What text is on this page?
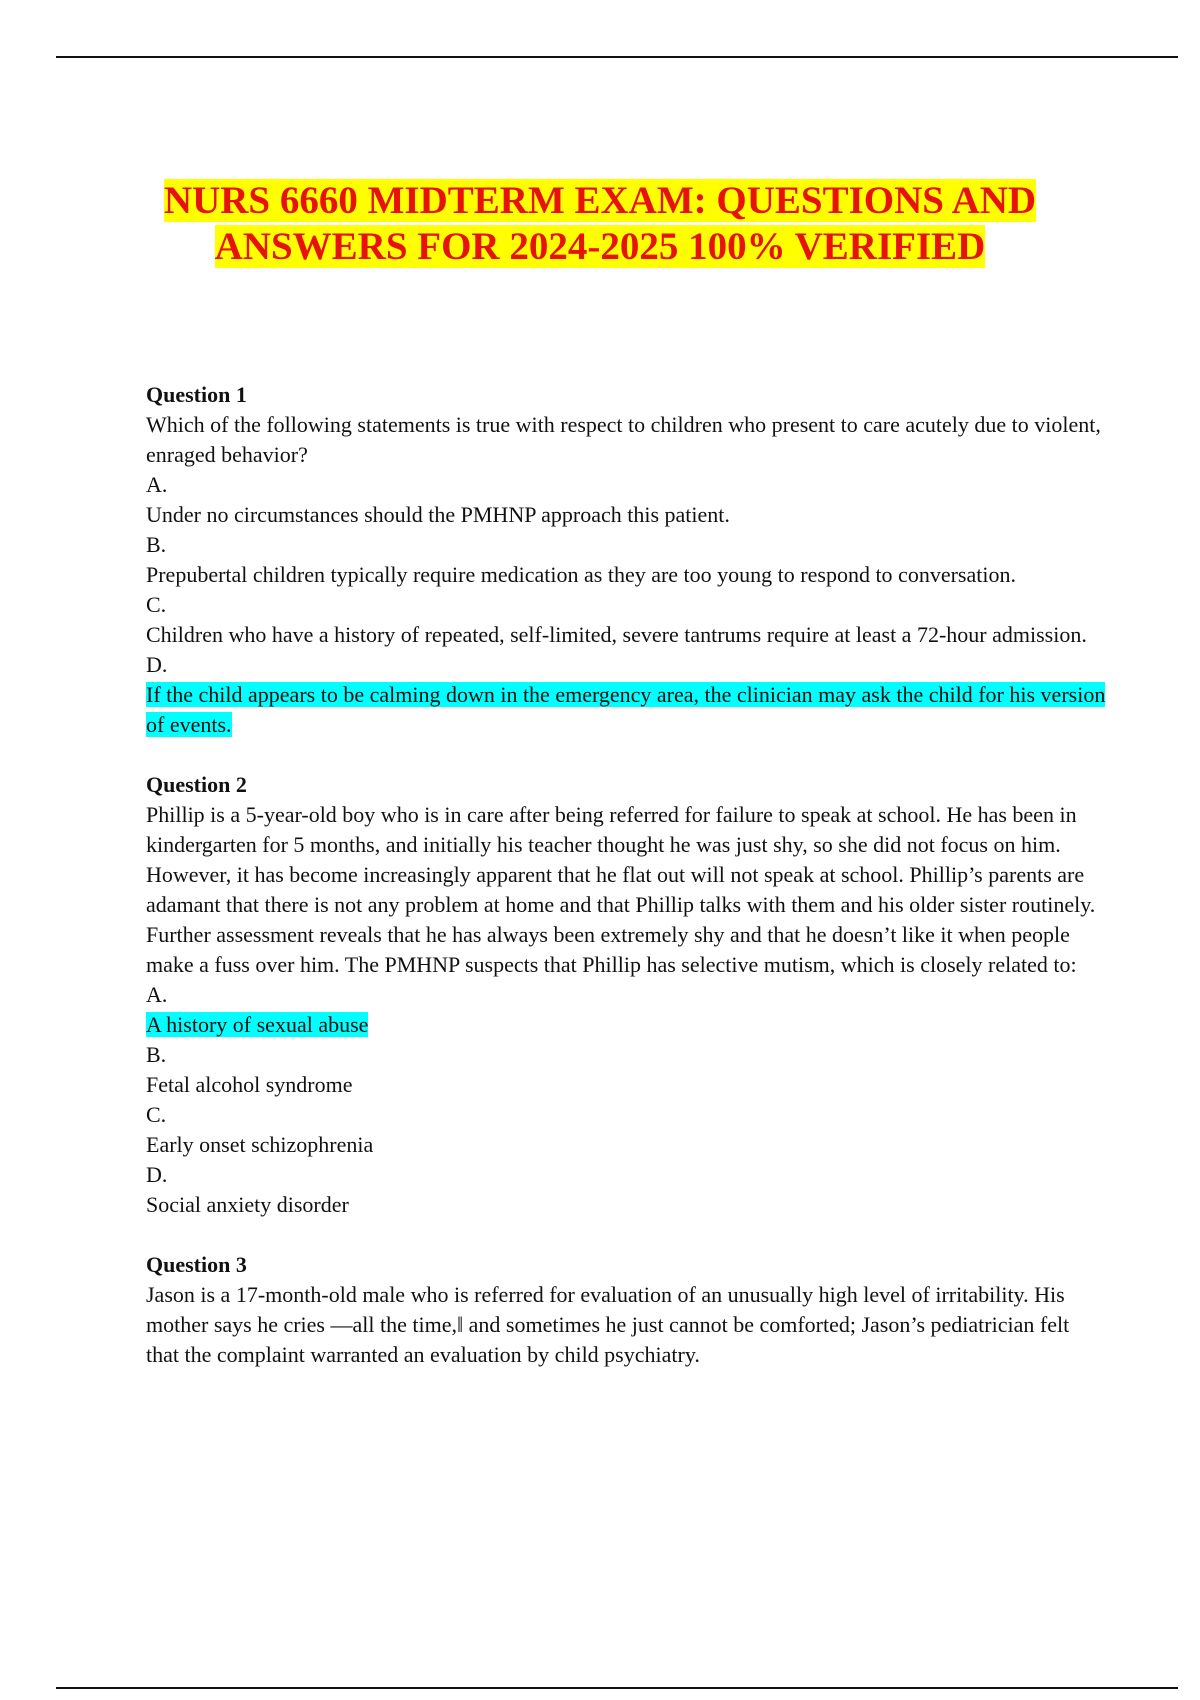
NURS 6660 MIDTERM EXAM: QUESTIONS AND ANSWERS FOR 2024-2025 100% VERIFIED

Question 1

Which of the following statements is true with respect to children who present to care acutely due to violent, enraged behavior?

A.

Under no circumstances should the PMHNP approach this patient.

B.

Prepubertal children typically require medication as they are too young to respond to conversation.

C.

Children who have a history of repeated, self-limited, severe tantrums require at least a 72-hour admission.

D.

If the child appears to be calming down in the emergency area, the clinician may ask the child for his version of events.

Question 2

Phillip is a 5-year-old boy who is in care after being referred for failure to speak at school. He has been in kindergarten for 5 months, and initially his teacher thought he was just shy, so she did not focus on him. However, it has become increasingly apparent that he flat out will not speak at school. Phillip’s parents are adamant that there is not any problem at home and that Phillip talks with them and his older sister routinely. Further assessment reveals that he has always been extremely shy and that he doesn’t like it when people make a fuss over him. The PMHNP suspects that Phillip has selective mutism, which is closely related to:

A.

A history of sexual abuse

B.

Fetal alcohol syndrome

C.

Early onset schizophrenia

D.

Social anxiety disorder

Question 3

Jason is a 17-month-old male who is referred for evaluation of an unusually high level of irritability. His mother says he cries ―all the time,‖ and sometimes he just cannot be comforted; Jason’s pediatrician felt that the complaint warranted an evaluation by child psychiatry.
